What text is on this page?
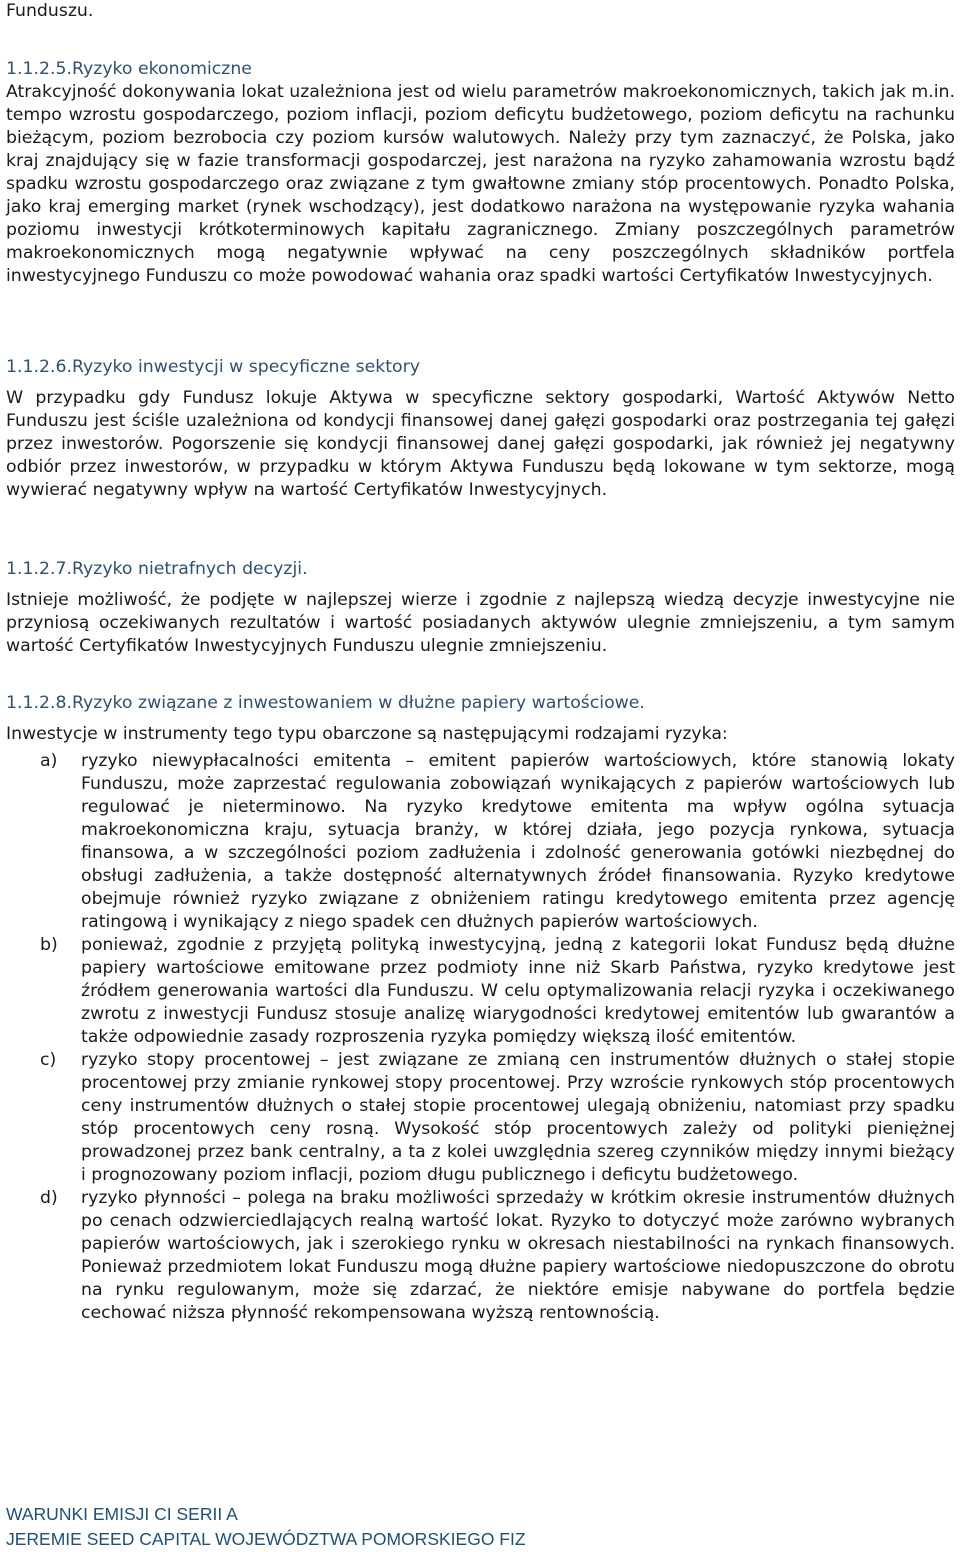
Funduszu.

1.1.2.5.Ryzyko ekonomiczne

Atrakcyjność dokonywania lokat uzależniona jest od wielu parametrów makroekonomicznych, takich jak m.in. tempo wzrostu gospodarczego, poziom inflacji, poziom deficytu budżetowego, poziom deficytu na rachunku bieżącym, poziom bezrobocia czy poziom kursów walutowych. Należy przy tym zaznaczyć, że Polska, jako kraj znajdujący się w fazie transformacji gospodarczej, jest narażona na ryzyko zahamowania wzrostu bądź spadku wzrostu gospodarczego oraz związane z tym gwałtowne zmiany stóp procentowych. Ponadto Polska, jako kraj emerging market (rynek wschodzący), jest dodatkowo narażona na występowanie ryzyka wahania poziomu inwestycji krótkoterminowych kapitału zagranicznego. Zmiany poszczególnych parametrów makroekonomicznych mogą negatywnie wpływać na ceny poszczególnych składników portfela inwestycyjnego Funduszu co może powodować wahania oraz spadki wartości Certyfikatów Inwestycyjnych.

1.1.2.6.Ryzyko inwestycji w specyficzne sektory

W przypadku gdy Fundusz lokuje Aktywa w specyficzne sektory gospodarki, Wartość Aktywów Netto Funduszu jest ściśle uzależniona od kondycji finansowej danej gałęzi gospodarki oraz postrzegania tej gałęzi przez inwestorów. Pogorszenie się kondycji finansowej danej gałęzi gospodarki, jak również jej negatywny odbiór przez inwestorów, w przypadku w którym Aktywa Funduszu będą lokowane w tym sektorze, mogą wywierać negatywny wpływ na wartość Certyfikatów Inwestycyjnych.

1.1.2.7.Ryzyko nietrafnych decyzji.

Istnieje możliwość, że podjęte w najlepszej wierze i zgodnie z najlepszą wiedzą decyzje inwestycyjne nie przyniosą oczekiwanych rezultatów i wartość posiadanych aktywów ulegnie zmniejszeniu, a tym samym wartość Certyfikatów Inwestycyjnych Funduszu ulegnie zmniejszeniu.

1.1.2.8.Ryzyko związane z inwestowaniem w dłużne papiery wartościowe.

Inwestycje w instrumenty tego typu obarczone są następującymi rodzajami ryzyka:

a) ryzyko niewypłacalności emitenta – emitent papierów wartościowych, które stanowią lokaty Funduszu, może zaprzestać regulowania zobowiązań wynikających z papierów wartościowych lub regulować je nieterminowo. Na ryzyko kredytowe emitenta ma wpływ ogólna sytuacja makroekonomiczna kraju, sytuacja branży, w której działa, jego pozycja rynkowa, sytuacja finansowa, a w szczególności poziom zadłużenia i zdolność generowania gotówki niezbędnej do obsługi zadłużenia, a także dostępność alternatywnych źródeł finansowania. Ryzyko kredytowe obejmuje również ryzyko związane z obniżeniem ratingu kredytowego emitenta przez agencję ratingową i wynikający z niego spadek cen dłużnych papierów wartościowych.

b) ponieważ, zgodnie z przyjętą polityką inwestycyjną, jedną z kategorii lokat Fundusz będą dłużne papiery wartościowe emitowane przez podmioty inne niż Skarb Państwa, ryzyko kredytowe jest źródłem generowania wartości dla Funduszu. W celu optymalizowania relacji ryzyka i oczekiwanego zwrotu z inwestycji Fundusz stosuje analizę wiarygodności kredytowej emitentów lub gwarantów a także odpowiednie zasady rozproszenia ryzyka pomiędzy większą ilość emitentów.

c) ryzyko stopy procentowej – jest związane ze zmianą cen instrumentów dłużnych o stałej stopie procentowej przy zmianie rynkowej stopy procentowej. Przy wzroście rynkowych stóp procentowych ceny instrumentów dłużnych o stałej stopie procentowej ulegają obniżeniu, natomiast przy spadku stóp procentowych ceny rosną. Wysokość stóp procentowych zależy od polityki pieniężnej prowadzonej przez bank centralny, a ta z kolei uwzględnia szereg czynników między innymi bieżący i prognozowany poziom inflacji, poziom długu publicznego i deficytu budżetowego.

d) ryzyko płynności – polega na braku możliwości sprzedaży w krótkim okresie instrumentów dłużnych po cenach odzwierciedlających realną wartość lokat. Ryzyko to dotyczyć może zarówno wybranych papierów wartościowych, jak i szerokiego rynku w okresach niestabilności na rynkach finansowych. Ponieważ przedmiotem lokat Funduszu mogą dłużne papiery wartościowe niedopuszczone do obrotu na rynku regulowanym, może się zdarzać, że niektóre emisje nabywane do portfela będzie cechować niższa płynność rekompensowana wyższą rentownością.

WARUNKI EMISJI CI SERII A
JEREMIE SEED CAPITAL WOJEWÓDZTWA POMORSKIEGO FIZ
